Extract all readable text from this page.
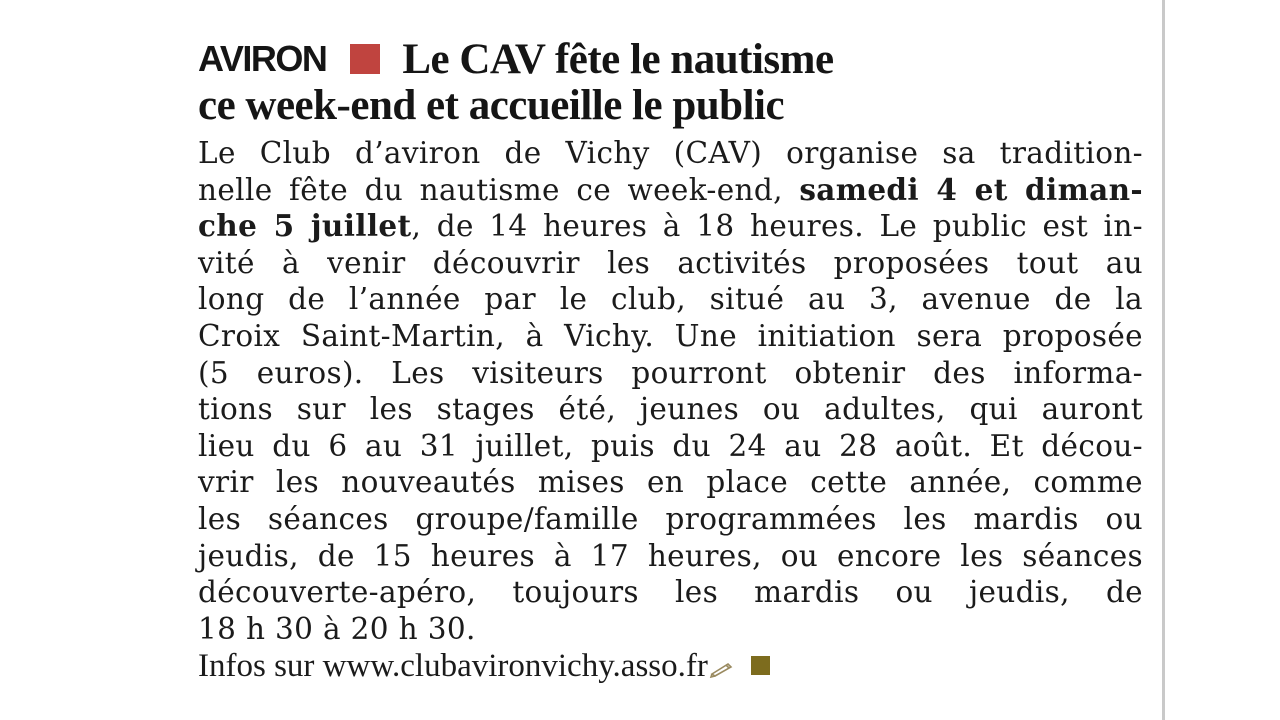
AVIRON Le CAV fête le nautisme
ce week-end et accueille le public
Le Club d’aviron de Vichy (CAV) organise sa tradition-
nelle fête du nautisme ce week-end, samedi 4 et diman-
che 5 juillet, de 14 heures à 18 heures. Le public est in-
vité à venir découvrir les activités proposées tout au
long de l’année par le club, situé au 3, avenue de la
Croix Saint-Martin, à Vichy. Une initiation sera proposée
(5 euros). Les visiteurs pourront obtenir des informa-
tions sur les stages été, jeunes ou adultes, qui auront
lieu du 6 au 31 juillet, puis du 24 au 28 août. Et décou-
vrir les nouveautés mises en place cette année, comme
les séances groupe/famille programmées les mardis ou
jeudis, de 15 heures à 17 heures, ou encore les séances
découverte-apéro, toujours les mardis ou jeudis, de
18 h 30 à 20 h 30.

Infos sur www.clubavironvichy.asso.fr
